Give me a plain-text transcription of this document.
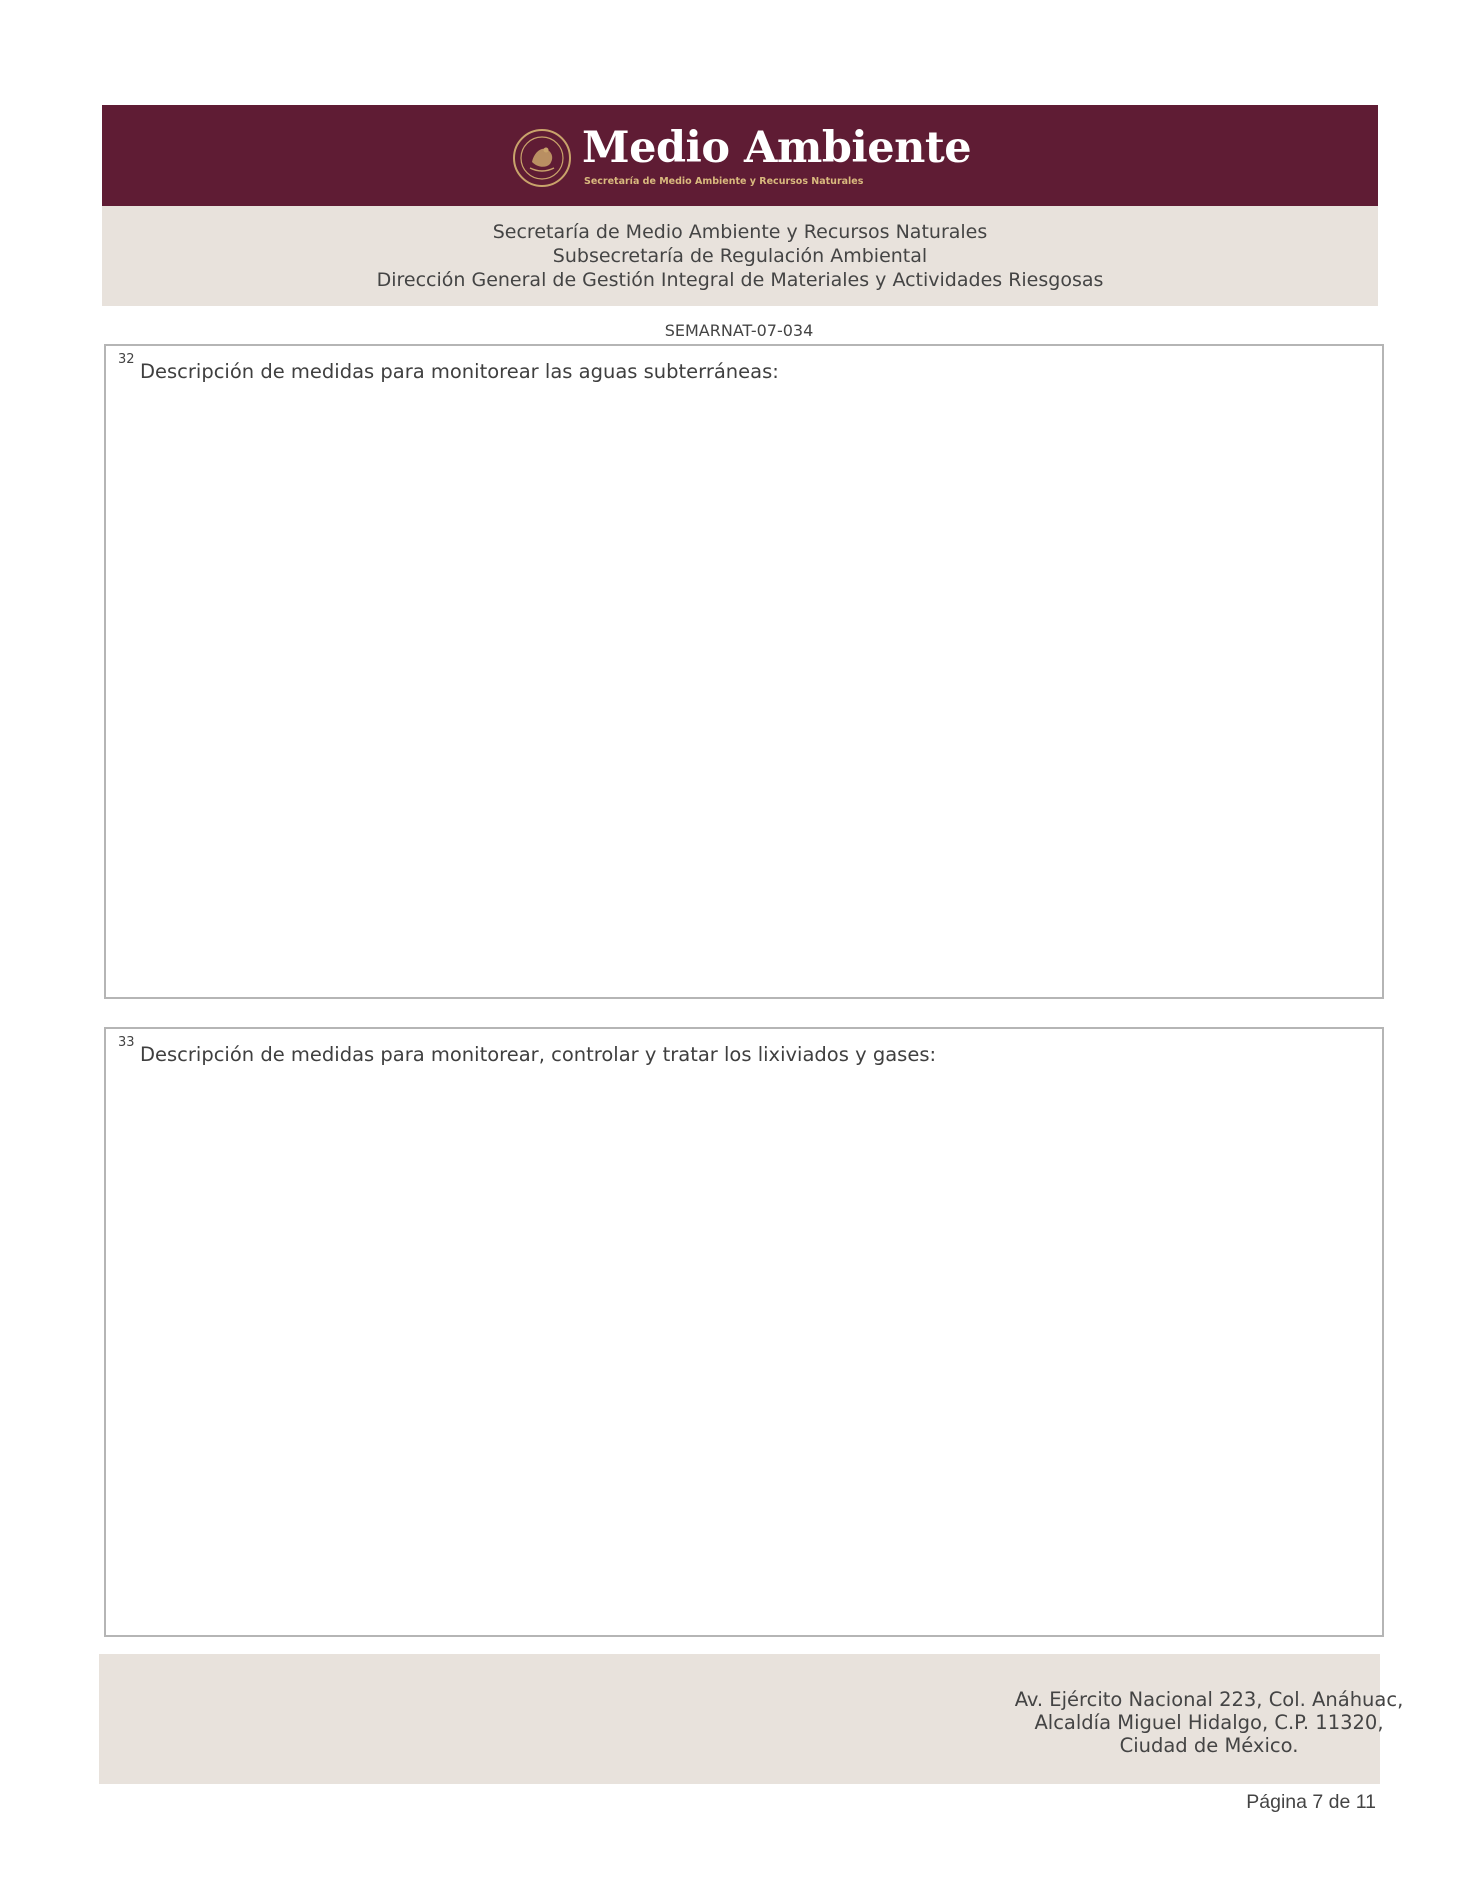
Medio Ambiente
Secretaría de Medio Ambiente y Recursos Naturales
Secretaría de Medio Ambiente y Recursos Naturales
Subsecretaría de Regulación Ambiental
Dirección General de Gestión Integral de Materiales y Actividades Riesgosas
SEMARNAT-07-034
32
Descripción de medidas para monitorear las aguas subterráneas:
33
Descripción de medidas para monitorear, controlar y tratar los lixiviados y gases:
Av. Ejército Nacional 223, Col. Anáhuac,
Alcaldía Miguel Hidalgo, C.P. 11320,
Ciudad de México.
Página 7 de 11
